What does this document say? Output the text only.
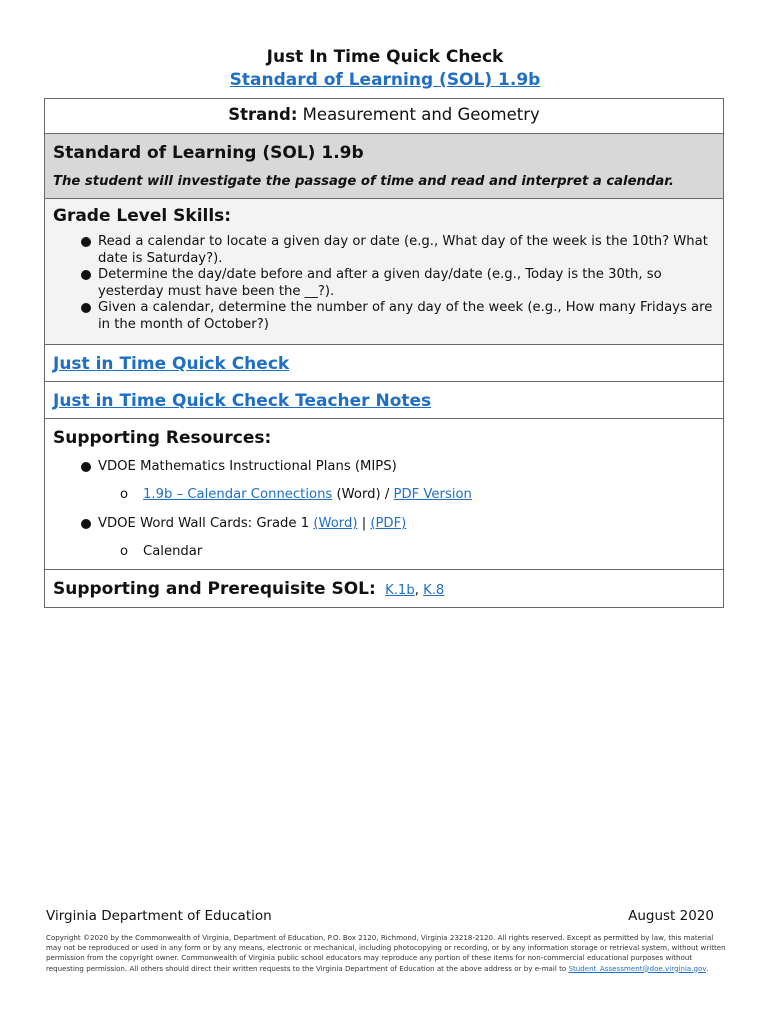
Just In Time Quick Check
Standard of Learning (SOL) 1.9b
Strand: Measurement and Geometry
Standard of Learning (SOL) 1.9b
The student will investigate the passage of time and read and interpret a calendar.
Grade Level Skills:
Read a calendar to locate a given day or date (e.g., What day of the week is the 10th? What date is Saturday?).
Determine the day/date before and after a given day/date (e.g., Today is the 30th, so yesterday must have been the __?).
Given a calendar, determine the number of any day of the week (e.g., How many Fridays are in the month of October?)
Just in Time Quick Check
Just in Time Quick Check Teacher Notes
Supporting Resources:
VDOE Mathematics Instructional Plans (MIPS)
o 1.9b – Calendar Connections (Word) / PDF Version
VDOE Word Wall Cards: Grade 1 (Word) | (PDF)
o Calendar
Supporting and Prerequisite SOL: K.1b, K.8
Virginia Department of Education	August 2020
Copyright ©2020 by the Commonwealth of Virginia, Department of Education, P.O. Box 2120, Richmond, Virginia 23218-2120. All rights reserved. Except as permitted by law, this material may not be reproduced or used in any form or by any means, electronic or mechanical, including photocopying or recording, or by any information storage or retrieval system, without written permission from the copyright owner. Commonwealth of Virginia public school educators may reproduce any portion of these items for non-commercial educational purposes without requesting permission. All others should direct their written requests to the Virginia Department of Education at the above address or by e-mail to Student_Assessment@doe.virginia.gov.
